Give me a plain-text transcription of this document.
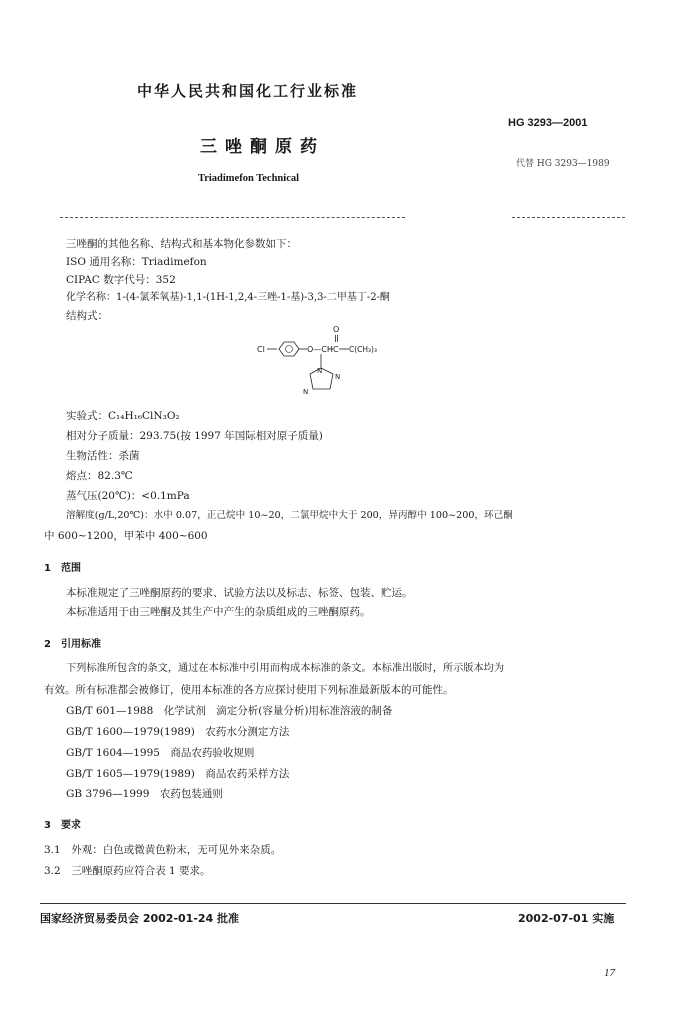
中华人民共和国化工行业标准
HG 3293—2001
三唑酮原药
代替 HG 3293—1989
Triadimefon Technical
三唑酮的其他名称、结构式和基本物化参数如下：
ISO 通用名称：Triadimefon
CIPAC 数字代号：352
化学名称：1-(4-氯苯氧基)-1,1-(1H-1,2,4-三唑-1-基)-3,3-二甲基丁-2-酮
结构式：
O
Cl	O—CH C C(CH₃)₃
N
N
N
实验式：C₁₄H₁₆ClN₃O₂
相对分子质量：293.75(按 1997 年国际相对原子质量)
生物活性：杀菌
熔点：82.3℃
蒸气压(20℃)：<0.1mPa
溶解度(g/L,20℃)：水中 0.07，正己烷中 10~20，二氯甲烷中大于 200，异丙醇中 100~200，环己酮
中 600~1200，甲苯中 400~600
1　范围
本标准规定了三唑酮原药的要求、试验方法以及标志、标签、包装、贮运。
本标准适用于由三唑酮及其生产中产生的杂质组成的三唑酮原药。
2　引用标准
下列标准所包含的条文，通过在本标准中引用而构成本标准的条文。本标准出版时，所示版本均为
有效。所有标准都会被修订，使用本标准的各方应探讨使用下列标准最新版本的可能性。
GB/T 601—1988　化学试剂　滴定分析(容量分析)用标准溶液的制备
GB/T 1600—1979(1989)　农药水分测定方法
GB/T 1604—1995　商品农药验收规则
GB/T 1605—1979(1989)　商品农药采样方法
GB 3796—1999　农药包装通则
3　要求
3.1　外观：白色或微黄色粉末，无可见外来杂质。
3.2　三唑酮原药应符合表 1 要求。
国家经济贸易委员会 2002-01-24 批准	2002-07-01 实施
17
